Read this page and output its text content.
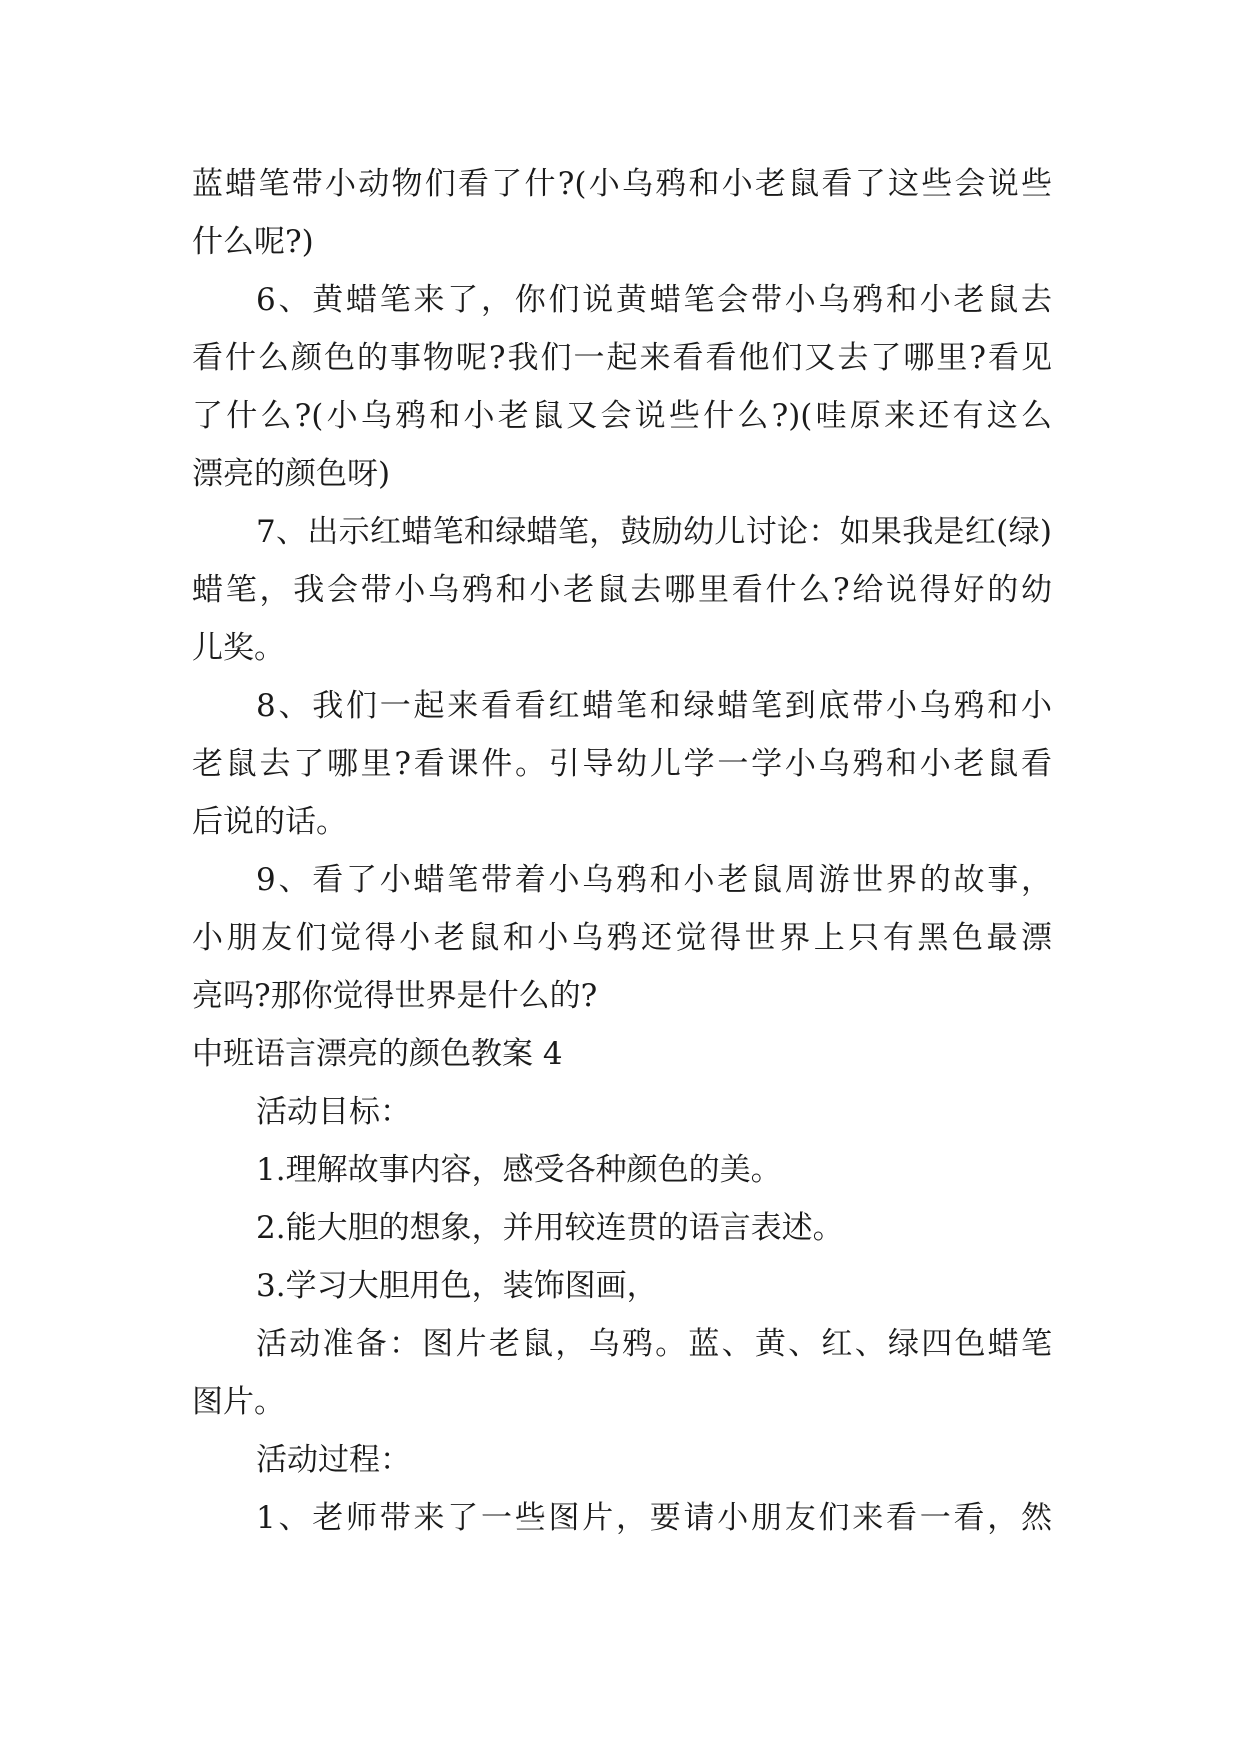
蓝蜡笔带小动物们看了什?(小乌鸦和小老鼠看了这些会说些
什么呢?)
6、黄蜡笔来了，你们说黄蜡笔会带小乌鸦和小老鼠去
看什么颜色的事物呢?我们一起来看看他们又去了哪里?看见
了什么?(小乌鸦和小老鼠又会说些什么?)(哇原来还有这么
漂亮的颜色呀)
7、出示红蜡笔和绿蜡笔，鼓励幼儿讨论：如果我是红(绿)
蜡笔，我会带小乌鸦和小老鼠去哪里看什么?给说得好的幼
儿奖。
8、我们一起来看看红蜡笔和绿蜡笔到底带小乌鸦和小
老鼠去了哪里?看课件。引导幼儿学一学小乌鸦和小老鼠看
后说的话。
9、看了小蜡笔带着小乌鸦和小老鼠周游世界的故事，
小朋友们觉得小老鼠和小乌鸦还觉得世界上只有黑色最漂
亮吗?那你觉得世界是什么的?
中班语言漂亮的颜色教案 4
活动目标：
1.理解故事内容，感受各种颜色的美。
2.能大胆的想象，并用较连贯的语言表述。
3.学习大胆用色，装饰图画，
活动准备：图片老鼠，乌鸦。蓝、黄、红、绿四色蜡笔
图片。
活动过程：
1、老师带来了一些图片，要请小朋友们来看一看，然
